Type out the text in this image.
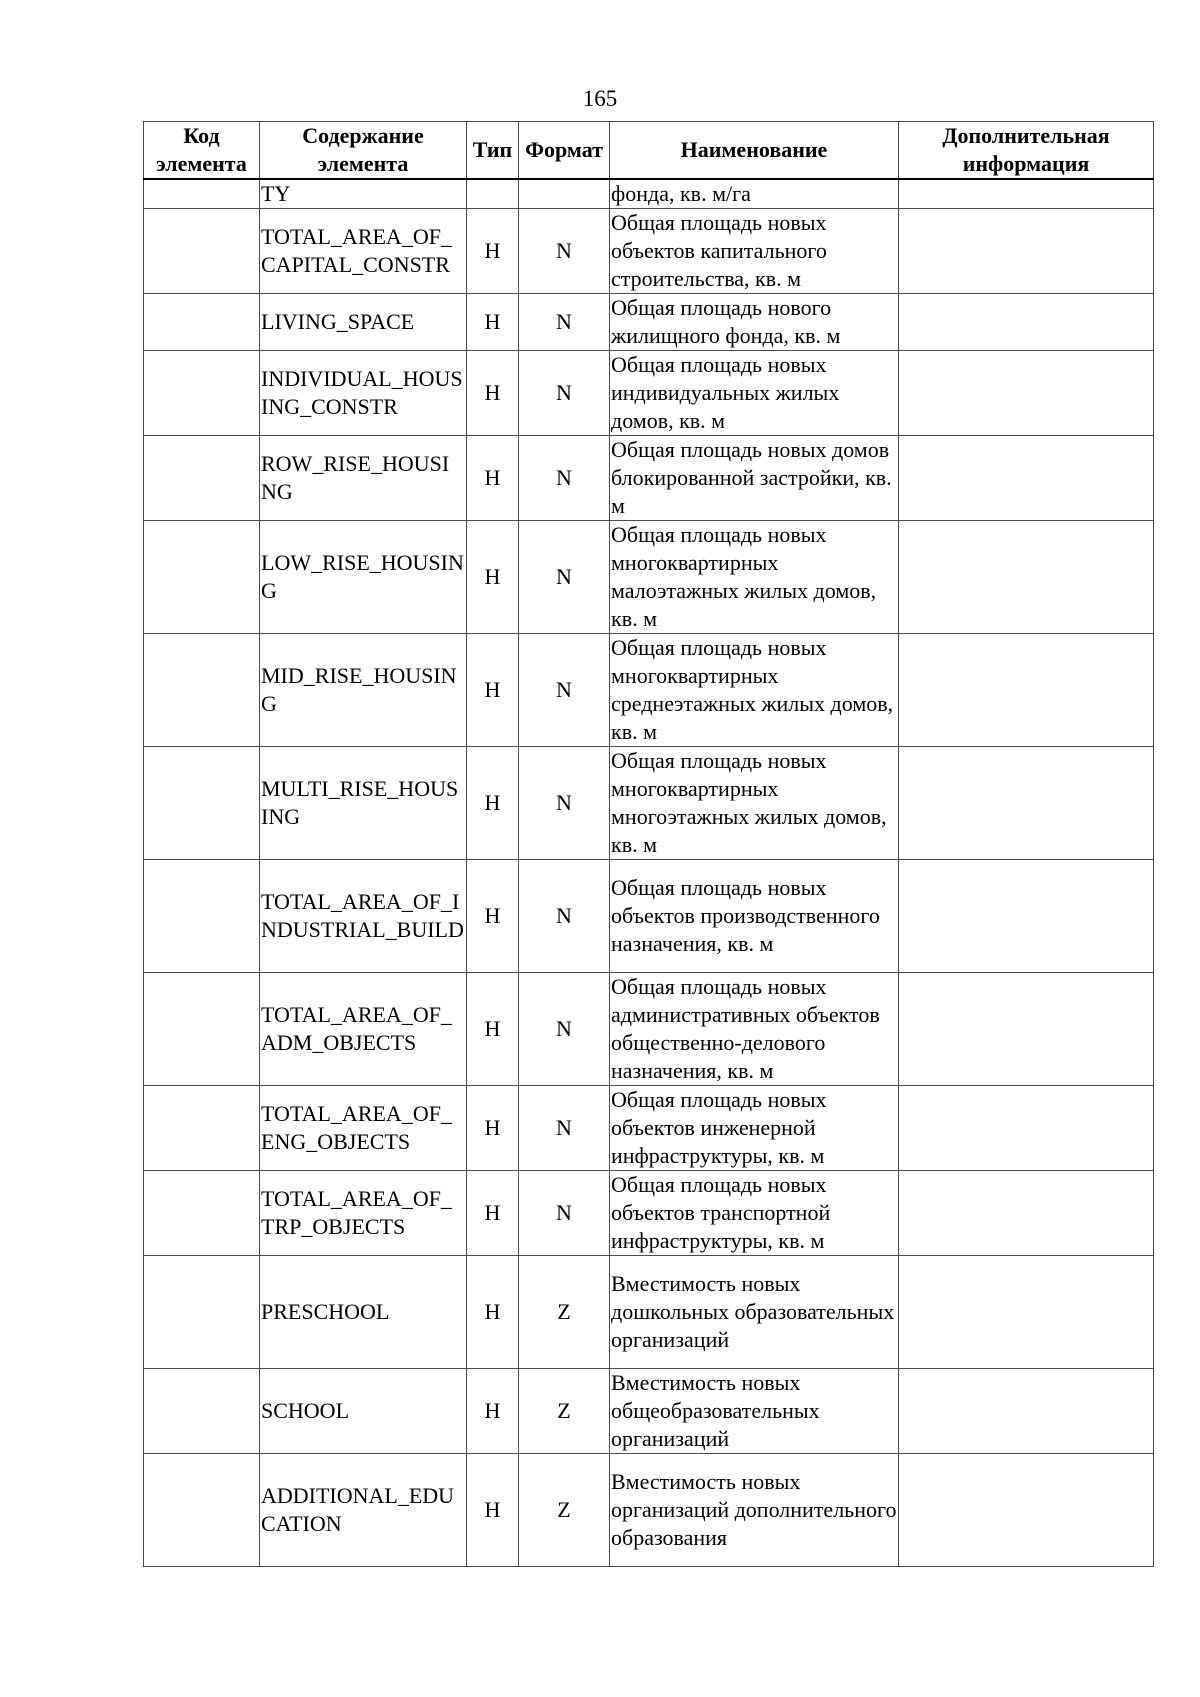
165
Код элемента	Содержание элемента	Тип	Формат	Наименование	Дополнительная информация
	TY			фонда, кв. м/га	
	TOTAL_AREA_OF_CAPITAL_CONSTR	H	N	Общая площадь новых объектов капитального строительства, кв. м	
	LIVING_SPACE	H	N	Общая площадь нового жилищного фонда, кв. м	
	INDIVIDUAL_HOUSING_CONSTR	H	N	Общая площадь новых индивидуальных жилых домов, кв. м	
	ROW_RISE_HOUSING	H	N	Общая площадь новых домов блокированной застройки, кв. м	
	LOW_RISE_HOUSING	H	N	Общая площадь новых многоквартирных малоэтажных жилых домов, кв. м	
	MID_RISE_HOUSING	H	N	Общая площадь новых многоквартирных среднеэтажных жилых домов, кв. м	
	MULTI_RISE_HOUSING	H	N	Общая площадь новых многоквартирных многоэтажных жилых домов, кв. м	
	TOTAL_AREA_OF_INDUSTRIAL_BUILD	H	N	Общая площадь новых объектов производственного назначения, кв. м	
	TOTAL_AREA_OF_ADM_OBJECTS	H	N	Общая площадь новых административных объектов общественно-делового назначения, кв. м	
	TOTAL_AREA_OF_ENG_OBJECTS	H	N	Общая площадь новых объектов инженерной инфраструктуры, кв. м	
	TOTAL_AREA_OF_TRP_OBJECTS	H	N	Общая площадь новых объектов транспортной инфраструктуры, кв. м	
	PRESCHOOL	H	Z	Вместимость новых дошкольных образовательных организаций	
	SCHOOL	H	Z	Вместимость новых общеобразовательных организаций	
	ADDITIONAL_EDUCATION	H	Z	Вместимость новых организаций дополнительного образования	
